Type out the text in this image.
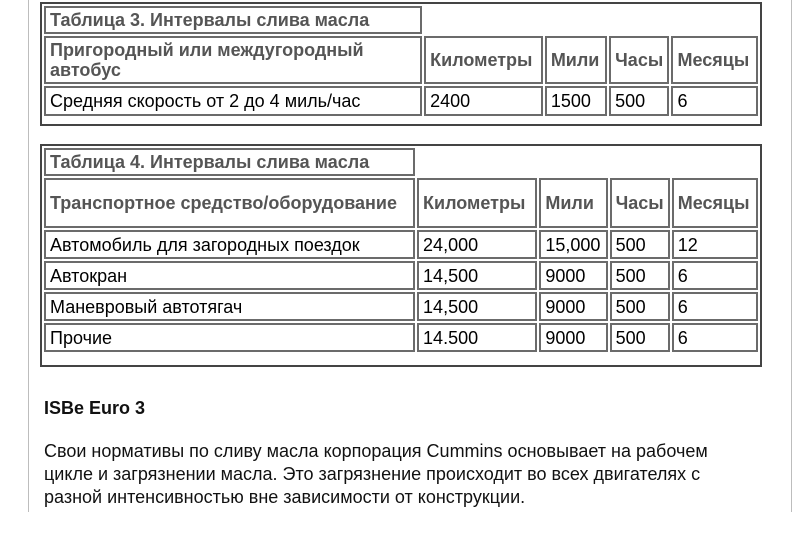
Таблица 3. Интервалы слива масла				
Пригородный или междугородный автобус	Километры	Мили	Часы	Месяцы
Средняя скорость от 2 до 4 миль/час	2400	1500	500	6
Таблица 4. Интервалы слива масла				
Транспортное средство/оборудование	Километры	Мили	Часы	Месяцы
Автомобиль для загородных поездок	24,000	15,000	500	12
Автокран	14,500	9000	500	6
Маневровый автотягач	14,500	9000	500	6
Прочие	14.500	9000	500	6
ISBe Euro 3
Свои нормативы по сливу масла корпорация Cummins основывает на рабочем цикле и загрязнении масла. Это загрязнение происходит во всех двигателях с разной интенсивностью вне зависимости от конструкции.
